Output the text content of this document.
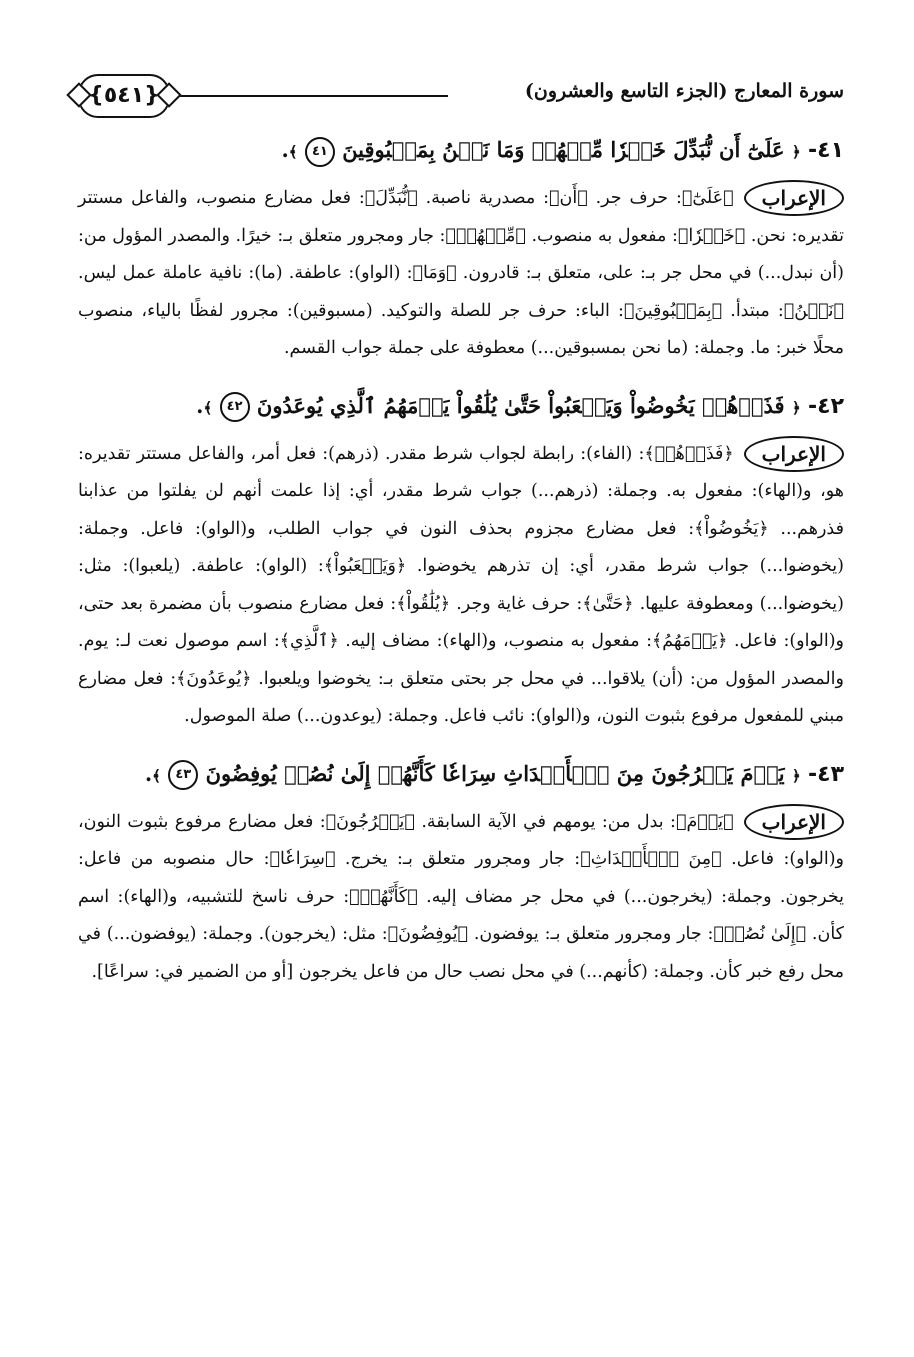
سورة المعارج (الجزء التاسع والعشرون)
{٥٤١}
٤١- ﴿ عَلَىٰٓ أَن نُّبَدِّلَ خَيۡرٗا مِّنۡهُمۡ وَمَا نَحۡنُ بِمَسۡبُوقِينَ ٤١ ﴾.
الإعراب
﴿عَلَىٰٓ﴾: حرف جر. ﴿أَن﴾: مصدرية ناصبة. ﴿نُّبَدِّلَ﴾: فعل مضارع منصوب، والفاعل مستتر تقديره: نحن. ﴿خَيۡرٗا﴾: مفعول به منصوب. ﴿مِّنۡهُمۡ﴾: جار ومجرور متعلق بـ: خيرًا. والمصدر المؤول من: (أن نبدل...) في محل جر بـ: على، متعلق بـ: قادرون. ﴿وَمَا﴾: (الواو): عاطفة. (ما): نافية عاملة عمل ليس. ﴿نَحۡنُ﴾: مبتدأ. ﴿بِمَسۡبُوقِينَ﴾: الباء: حرف جر للصلة والتوكيد. (مسبوقين): مجرور لفظًا بالياء، منصوب محلًا خبر: ما. وجملة: (ما نحن بمسبوقين...) معطوفة على جملة جواب القسم.
٤٢- ﴿ فَذَرۡهُمۡ يَخُوضُواْ وَيَلۡعَبُواْ حَتَّىٰ يُلَٰقُواْ يَوۡمَهُمُ ٱلَّذِي يُوعَدُونَ ٤٢ ﴾.
الإعراب
﴿فَذَرۡهُمۡ﴾: (الفاء): رابطة لجواب شرط مقدر. (ذرهم): فعل أمر، والفاعل مستتر تقديره: هو، و(الهاء): مفعول به. وجملة: (ذرهم...) جواب شرط مقدر، أي: إذا علمت أنهم لن يفلتوا من عذابنا فذرهم... ﴿يَخُوضُواْ﴾: فعل مضارع مجزوم بحذف النون في جواب الطلب، و(الواو): فاعل. وجملة: (يخوضوا...) جواب شرط مقدر، أي: إن تذرهم يخوضوا. ﴿وَيَلۡعَبُواْ﴾: (الواو): عاطفة. (يلعبوا): مثل: (يخوضوا...) ومعطوفة عليها. ﴿حَتَّىٰ﴾: حرف غاية وجر. ﴿يُلَٰقُواْ﴾: فعل مضارع منصوب بأن مضمرة بعد حتى، و(الواو): فاعل. ﴿يَوۡمَهُمُ﴾: مفعول به منصوب، و(الهاء): مضاف إليه. ﴿ٱلَّذِي﴾: اسم موصول نعت لـ: يوم. والمصدر المؤول من: (أن) يلاقوا... في محل جر بحتى متعلق بـ: يخوضوا ويلعبوا. ﴿يُوعَدُونَ﴾: فعل مضارع مبني للمفعول مرفوع بثبوت النون، و(الواو): نائب فاعل. وجملة: (يوعدون...) صلة الموصول.
٤٣- ﴿ يَوۡمَ يَخۡرُجُونَ مِنَ ٱلۡأَجۡدَاثِ سِرَاعٗا كَأَنَّهُمۡ إِلَىٰ نُصُبٖ يُوفِضُونَ ٤٣ ﴾.
الإعراب
﴿يَوۡمَ﴾: بدل من: يومهم في الآية السابقة. ﴿يَخۡرُجُونَ﴾: فعل مضارع مرفوع بثبوت النون، و(الواو): فاعل. ﴿مِنَ ٱلۡأَجۡدَاثِ﴾: جار ومجرور متعلق بـ: يخرج. ﴿سِرَاعٗا﴾: حال منصوبه من فاعل: يخرجون. وجملة: (يخرجون...) في محل جر مضاف إليه. ﴿كَأَنَّهُمۡ﴾: حرف ناسخ للتشبيه، و(الهاء): اسم كأن. ﴿إِلَىٰ نُصُبٖ﴾: جار ومجرور متعلق بـ: يوفضون. ﴿يُوفِضُونَ﴾: مثل: (يخرجون). وجملة: (يوفضون...) في محل رفع خبر كأن. وجملة: (كأنهم...) في محل نصب حال من فاعل يخرجون [أو من الضمير في: سراعًا].
